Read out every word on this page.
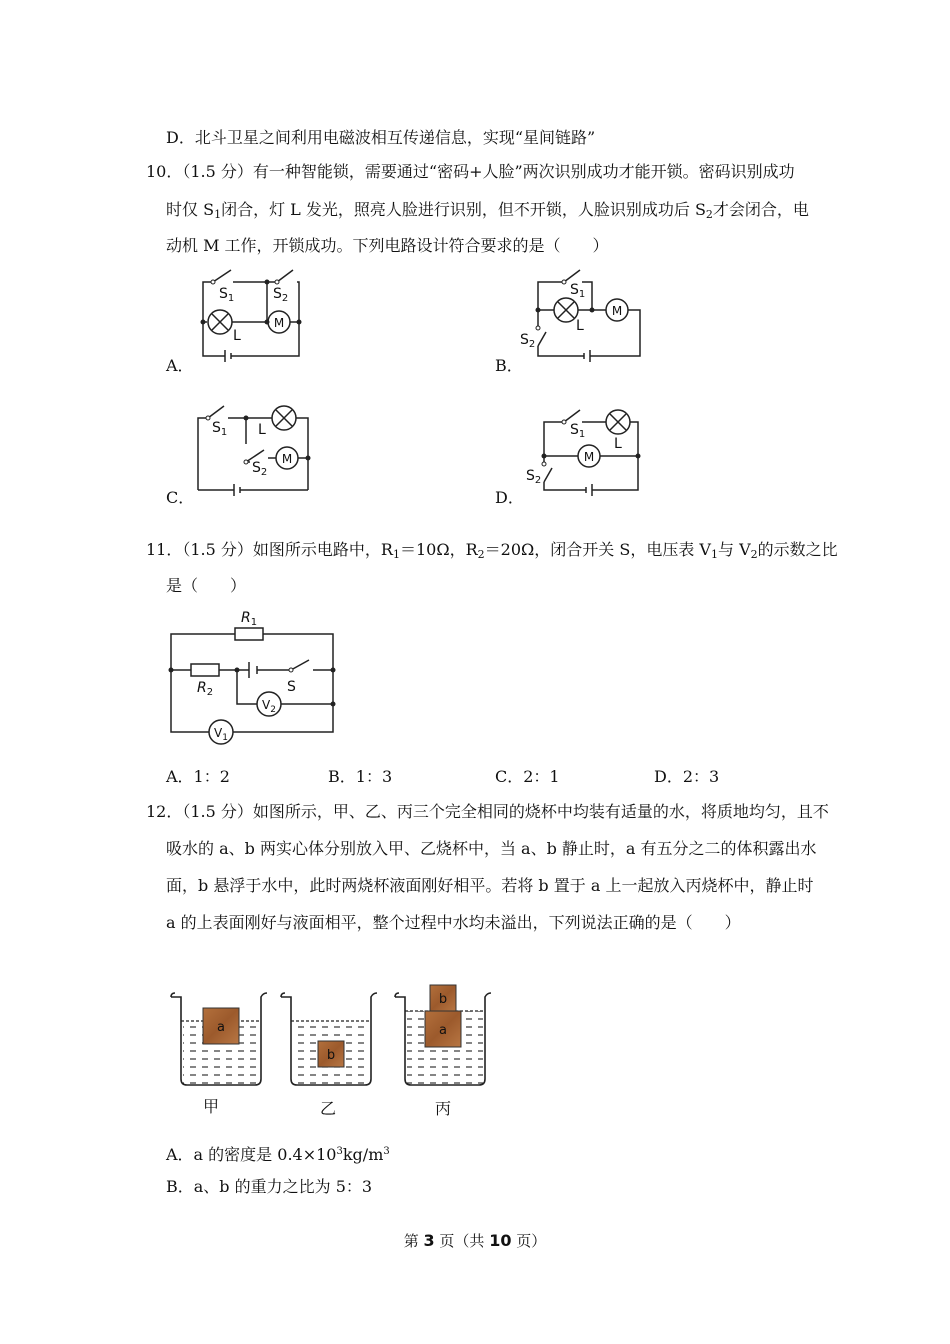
D．北斗卫星之间利用电磁波相互传递信息，实现“星间链路”
10．（1.5 分）有一种智能锁，需要通过“密码+人脸”两次识别成功才能开锁。密码识别成功
时仅 $S_1$闭合，灯 L 发光，照亮人脸进行识别，但不开锁，人脸识别成功后 $S_2$才会闭合，电
动机 M 工作，开锁成功。下列电路设计符合要求的是（　　）
$S_1$	$S_2$
L
M
A．
$S_1$
L
M
$S_2$
B．
$S_1$ L
$S_2$
M
C．
$S_1$
L
M
$S_2$
D．
11．（1.5 分）如图所示电路中，$R_1=10\Omega$，$R_2=20\Omega$，闭合开关 S，电压表 $V_1$与 $V_2$的示数之比
是（　　）
$R_1$
$R_2$	S
$V_2$
$V_1$
A．1：2	B．1：3	C．2：1	D．2：3
12．（1.5 分）如图所示，甲、乙、丙三个完全相同的烧杯中均装有适量的水，将质地均匀，且不
吸水的 a、b 两实心体分别放入甲、乙烧杯中，当 a、b 静止时，a 有五分之二的体积露出水
面，b 悬浮于水中，此时两烧杯液面刚好相平。若将 b 置于 a 上一起放入丙烧杯中，静止时
a 的上表面刚好与液面相平，整个过程中水均未溢出，下列说法正确的是（　　）
a
b
a
b
甲	乙	丙
A．a 的密度是 $0.4\times 10^3kg/m^3$
B．a、b 的重力之比为 5：3
第 3 页（共 10 页）
